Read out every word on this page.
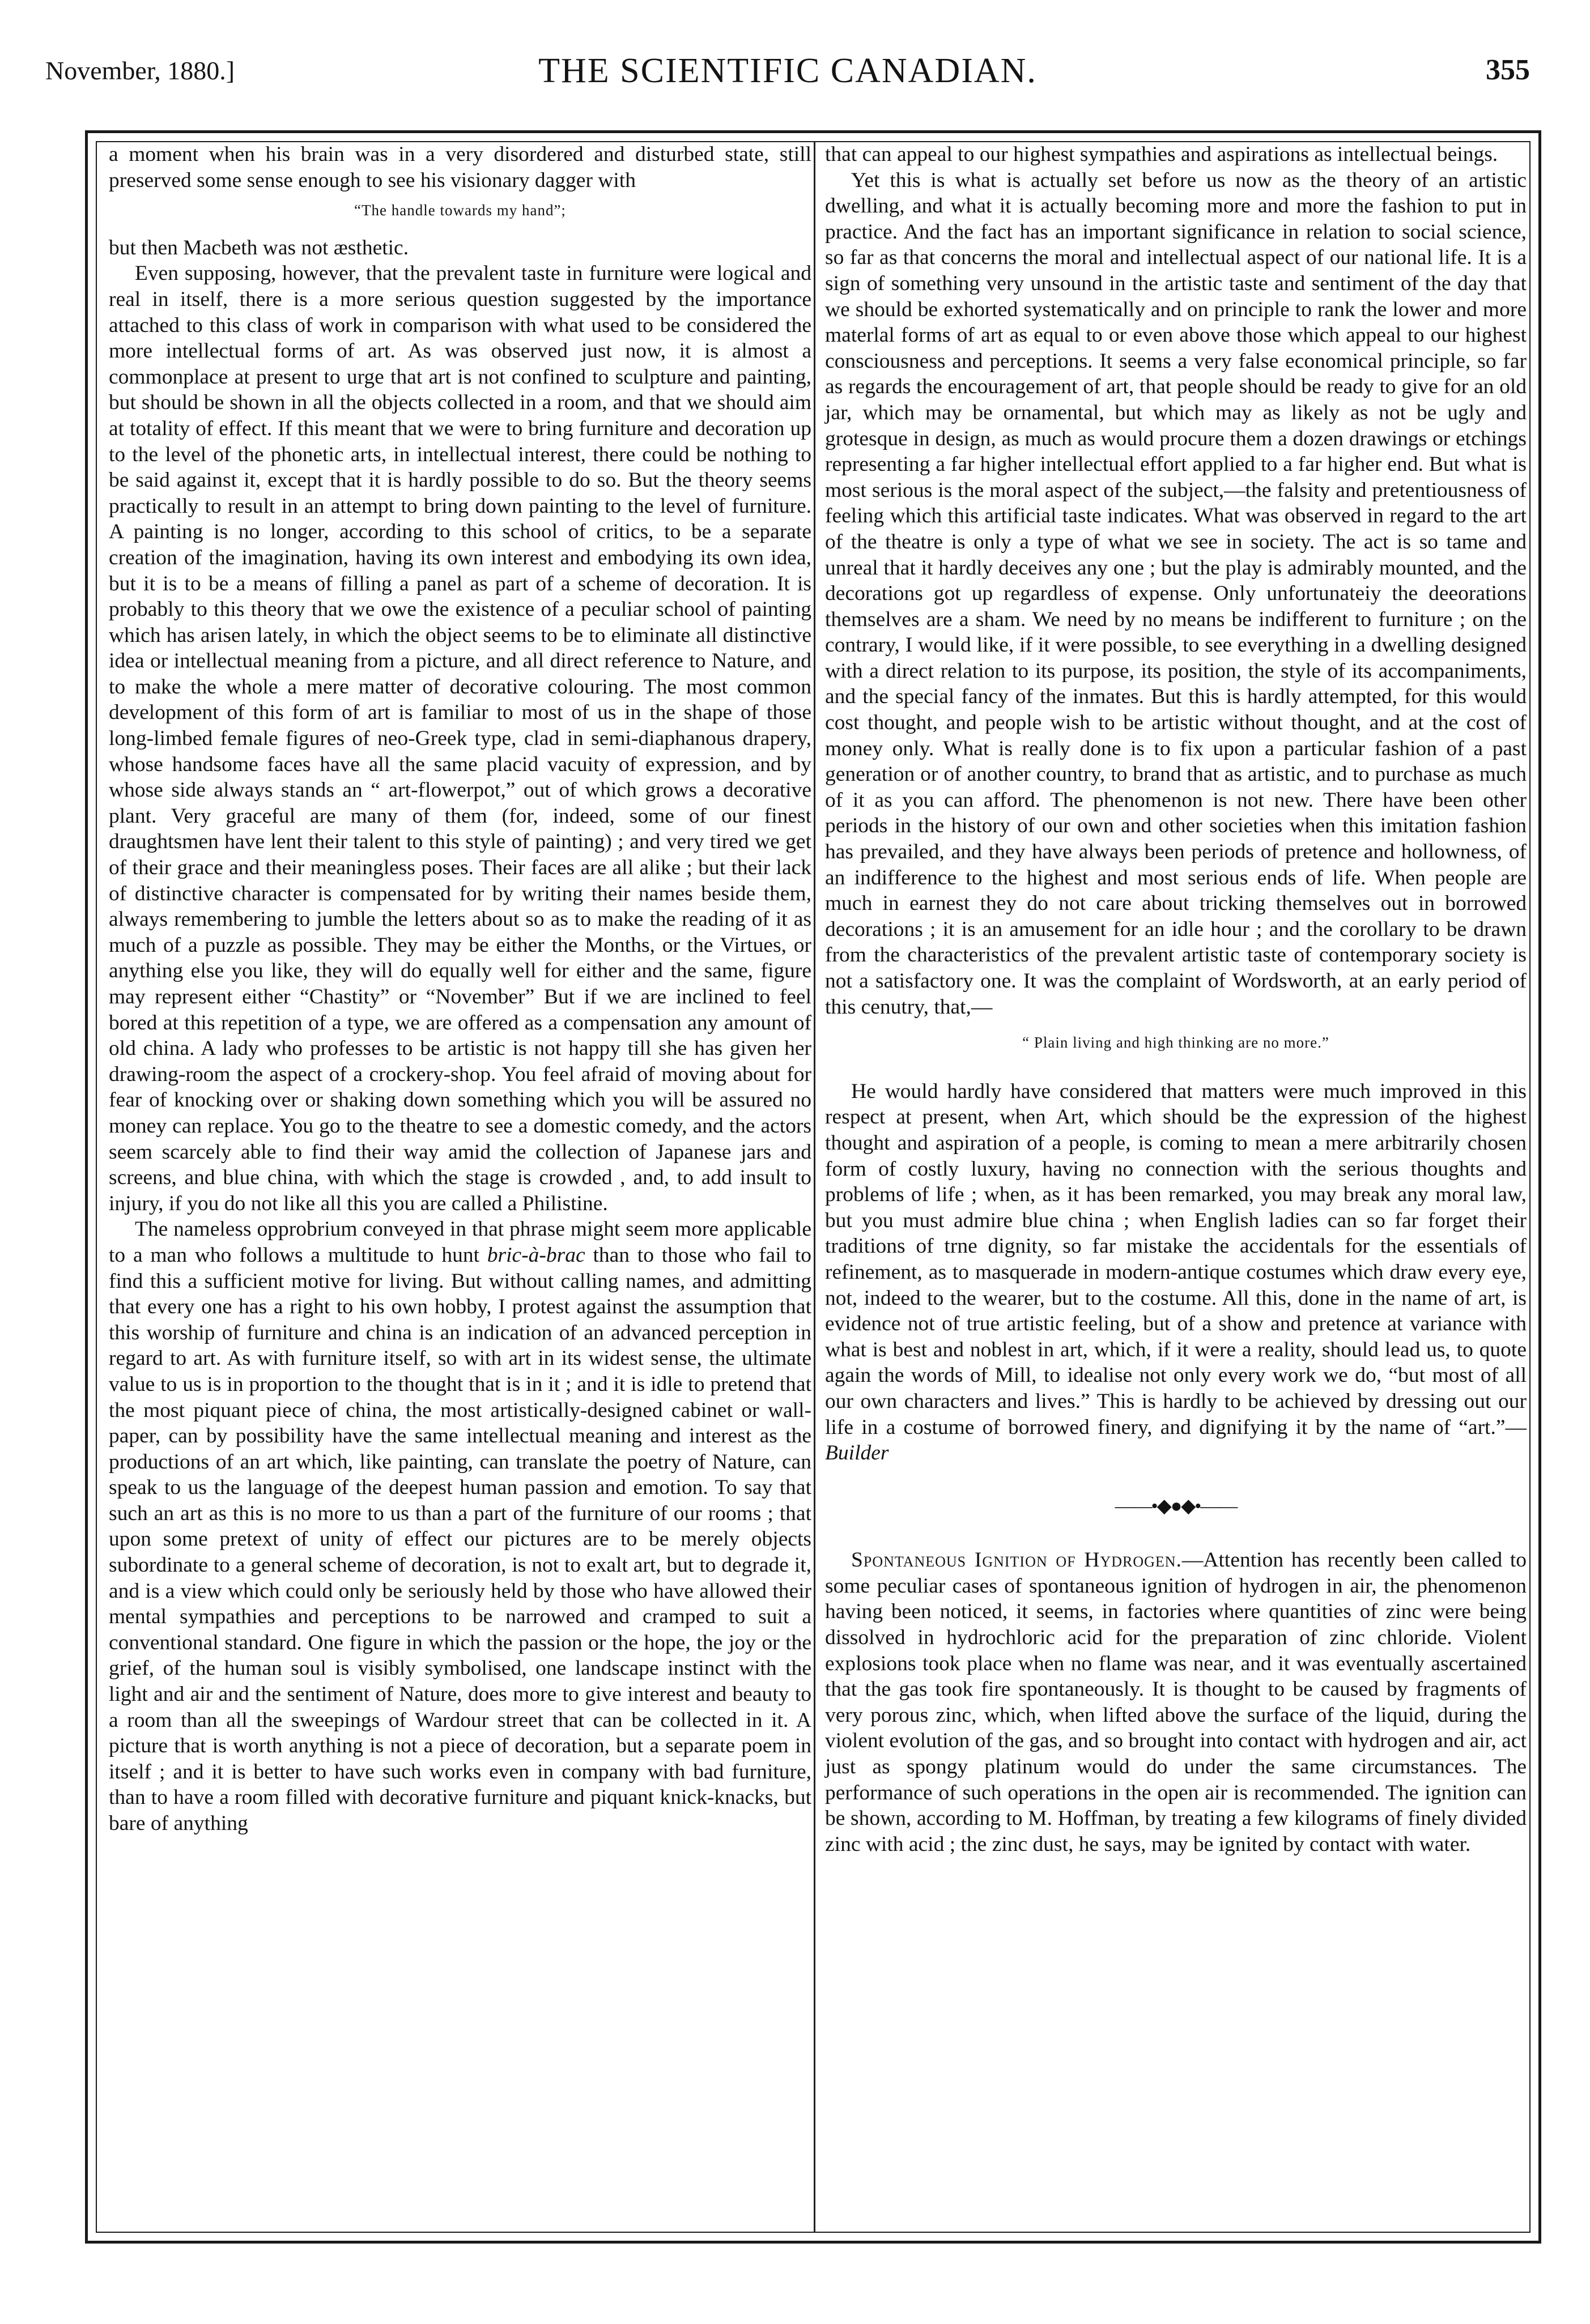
November, 1880.]	THE SCIENTIFIC CANADIAN.	355

a moment when his brain was in a very disordered and disturbed state, still preserved some sense enough to see his visionary dagger with

“The handle towards my hand”;

but then Macbeth was not æsthetic.

Even supposing, however, that the prevalent taste in furniture were logical and real in itself, there is a more serious question suggested by the importance attached to this class of work in comparison with what used to be considered the more intellectual forms of art. As was observed just now, it is almost a commonplace at present to urge that art is not confined to sculpture and painting, but should be shown in all the objects collected in a room, and that we should aim at totality of effect. If this meant that we were to bring furniture and decoration up to the level of the phonetic arts, in intellectual interest, there could be nothing to be said against it, except that it is hardly possible to do so. But the theory seems practically to result in an attempt to bring down painting to the level of furniture. A painting is no longer, according to this school of critics, to be a separate creation of the imagination, having its own interest and embodying its own idea, but it is to be a means of filling a panel as part of a scheme of decoration. It is probably to this theory that we owe the existence of a peculiar school of painting which has arisen lately, in which the object seems to be to eliminate all distinctive idea or intellectual meaning from a picture, and all direct reference to Nature, and to make the whole a mere matter of decorative colouring. The most common development of this form of art is familiar to most of us in the shape of those long-limbed female figures of neo-Greek type, clad in semi-diaphanous drapery, whose handsome faces have all the same placid vacuity of expression, and by whose side always stands an “ art-flowerpot,” out of which grows a decorative plant. Very graceful are many of them (for, indeed, some of our finest draughtsmen have lent their talent to this style of painting) ; and very tired we get of their grace and their meaningless poses. Their faces are all alike ; but their lack of distinctive character is compensated for by writing their names beside them, always remembering to jumble the letters about so as to make the reading of it as much of a puzzle as possible. They may be either the Months, or the Virtues, or anything else you like, they will do equally well for either and the same, figure may represent either “Chastity” or “November” But if we are inclined to feel bored at this repetition of a type, we are offered as a compensation any amount of old china. A lady who professes to be artistic is not happy till she has given her drawing-room the aspect of a crockery-shop. You feel afraid of moving about for fear of knocking over or shaking down something which you will be assured no money can replace. You go to the theatre to see a domestic comedy, and the actors seem scarcely able to find their way amid the collection of Japanese jars and screens, and blue china, with which the stage is crowded , and, to add insult to injury, if you do not like all this you are called a Philistine.

The nameless opprobrium conveyed in that phrase might seem more applicable to a man who follows a multitude to hunt bric-à-brac than to those who fail to find this a sufficient motive for living. But without calling names, and admitting that every one has a right to his own hobby, I protest against the assumption that this worship of furniture and china is an indication of an advanced perception in regard to art. As with furniture itself, so with art in its widest sense, the ultimate value to us is in proportion to the thought that is in it ; and it is idle to pretend that the most piquant piece of china, the most artistically-designed cabinet or wall-paper, can by possibility have the same intellectual meaning and interest as the productions of an art which, like painting, can translate the poetry of Nature, can speak to us the language of the deepest human passion and emotion. To say that such an art as this is no more to us than a part of the furniture of our rooms ; that upon some pretext of unity of effect our pictures are to be merely objects subordinate to a general scheme of decoration, is not to exalt art, but to degrade it, and is a view which could only be seriously held by those who have allowed their mental sympathies and perceptions to be narrowed and cramped to suit a conventional standard. One figure in which the passion or the hope, the joy or the grief, of the human soul is visibly symbolised, one landscape instinct with the light and air and the sentiment of Nature, does more to give interest and beauty to a room than all the sweepings of Wardour street that can be collected in it. A picture that is worth anything is not a piece of decoration, but a separate poem in itself ; and it is better to have such works even in company with bad furniture, than to have a room filled with decorative furniture and piquant knick-knacks, but bare of anything

that can appeal to our highest sympathies and aspirations as intellectual beings.

Yet this is what is actually set before us now as the theory of an artistic dwelling, and what it is actually becoming more and more the fashion to put in practice. And the fact has an important significance in relation to social science, so far as that concerns the moral and intellectual aspect of our national life. It is a sign of something very unsound in the artistic taste and sentiment of the day that we should be exhorted systematically and on principle to rank the lower and more materlal forms of art as equal to or even above those which appeal to our highest consciousness and perceptions. It seems a very false economical principle, so far as regards the encouragement of art, that people should be ready to give for an old jar, which may be ornamental, but which may as likely as not be ugly and grotesque in design, as much as would procure them a dozen drawings or etchings representing a far higher intellectual effort applied to a far higher end. But what is most serious is the moral aspect of the subject,—the falsity and pretentiousness of feeling which this artificial taste indicates. What was observed in regard to the art of the theatre is only a type of what we see in society. The act is so tame and unreal that it hardly deceives any one ; but the play is admirably mounted, and the decorations got up regardless of expense. Only unfortunateiy the deeorations themselves are a sham. We need by no means be indifferent to furniture ; on the contrary, I would like, if it were possible, to see everything in a dwelling designed with a direct relation to its purpose, its position, the style of its accompaniments, and the special fancy of the inmates. But this is hardly attempted, for this would cost thought, and people wish to be artistic without thought, and at the cost of money only. What is really done is to fix upon a particular fashion of a past generation or of another country, to brand that as artistic, and to purchase as much of it as you can afford. The phenomenon is not new. There have been other periods in the history of our own and other societies when this imitation fashion has prevailed, and they have always been periods of pretence and hollowness, of an indifference to the highest and most serious ends of life. When people are much in earnest they do not care about tricking themselves out in borrowed decorations ; it is an amusement for an idle hour ; and the corollary to be drawn from the characteristics of the prevalent artistic taste of contemporary society is not a satisfactory one. It was the complaint of Wordsworth, at an early period of this cenutry, that,—

“ Plain living and high thinking are no more.”

He would hardly have considered that matters were much improved in this respect at present, when Art, which should be the expression of the highest thought and aspiration of a people, is coming to mean a mere arbitrarily chosen form of costly luxury, having no connection with the serious thoughts and problems of life ; when, as it has been remarked, you may break any moral law, but you must admire blue china ; when English ladies can so far forget their traditions of trne dignity, so far mistake the accidentals for the essentials of refinement, as to masquerade in modern-antique costumes which draw every eye, not, indeed to the wearer, but to the costume. All this, done in the name of art, is evidence not of true artistic feeling, but of a show and pretence at variance with what is best and noblest in art, which, if it were a reality, should lead us, to quote again the words of Mill, to idealise not only every work we do, “but most of all our own characters and lives.” This is hardly to be achieved by dressing out our life in a costume of borrowed finery, and dignifying it by the name of “art.”—Builder

——•◆●◆•——

Spontaneous Ignition of Hydrogen.—Attention has recently been called to some peculiar cases of spontaneous ignition of hydrogen in air, the phenomenon having been noticed, it seems, in factories where quantities of zinc were being dissolved in hydrochloric acid for the preparation of zinc chloride. Violent explosions took place when no flame was near, and it was eventually ascertained that the gas took fire spontaneously. It is thought to be caused by fragments of very porous zinc, which, when lifted above the surface of the liquid, during the violent evolution of the gas, and so brought into contact with hydrogen and air, act just as spongy platinum would do under the same circumstances. The performance of such operations in the open air is recommended. The ignition can be shown, according to M. Hoffman, by treating a few kilograms of finely divided zinc with acid ; the zinc dust, he says, may be ignited by contact with water.
